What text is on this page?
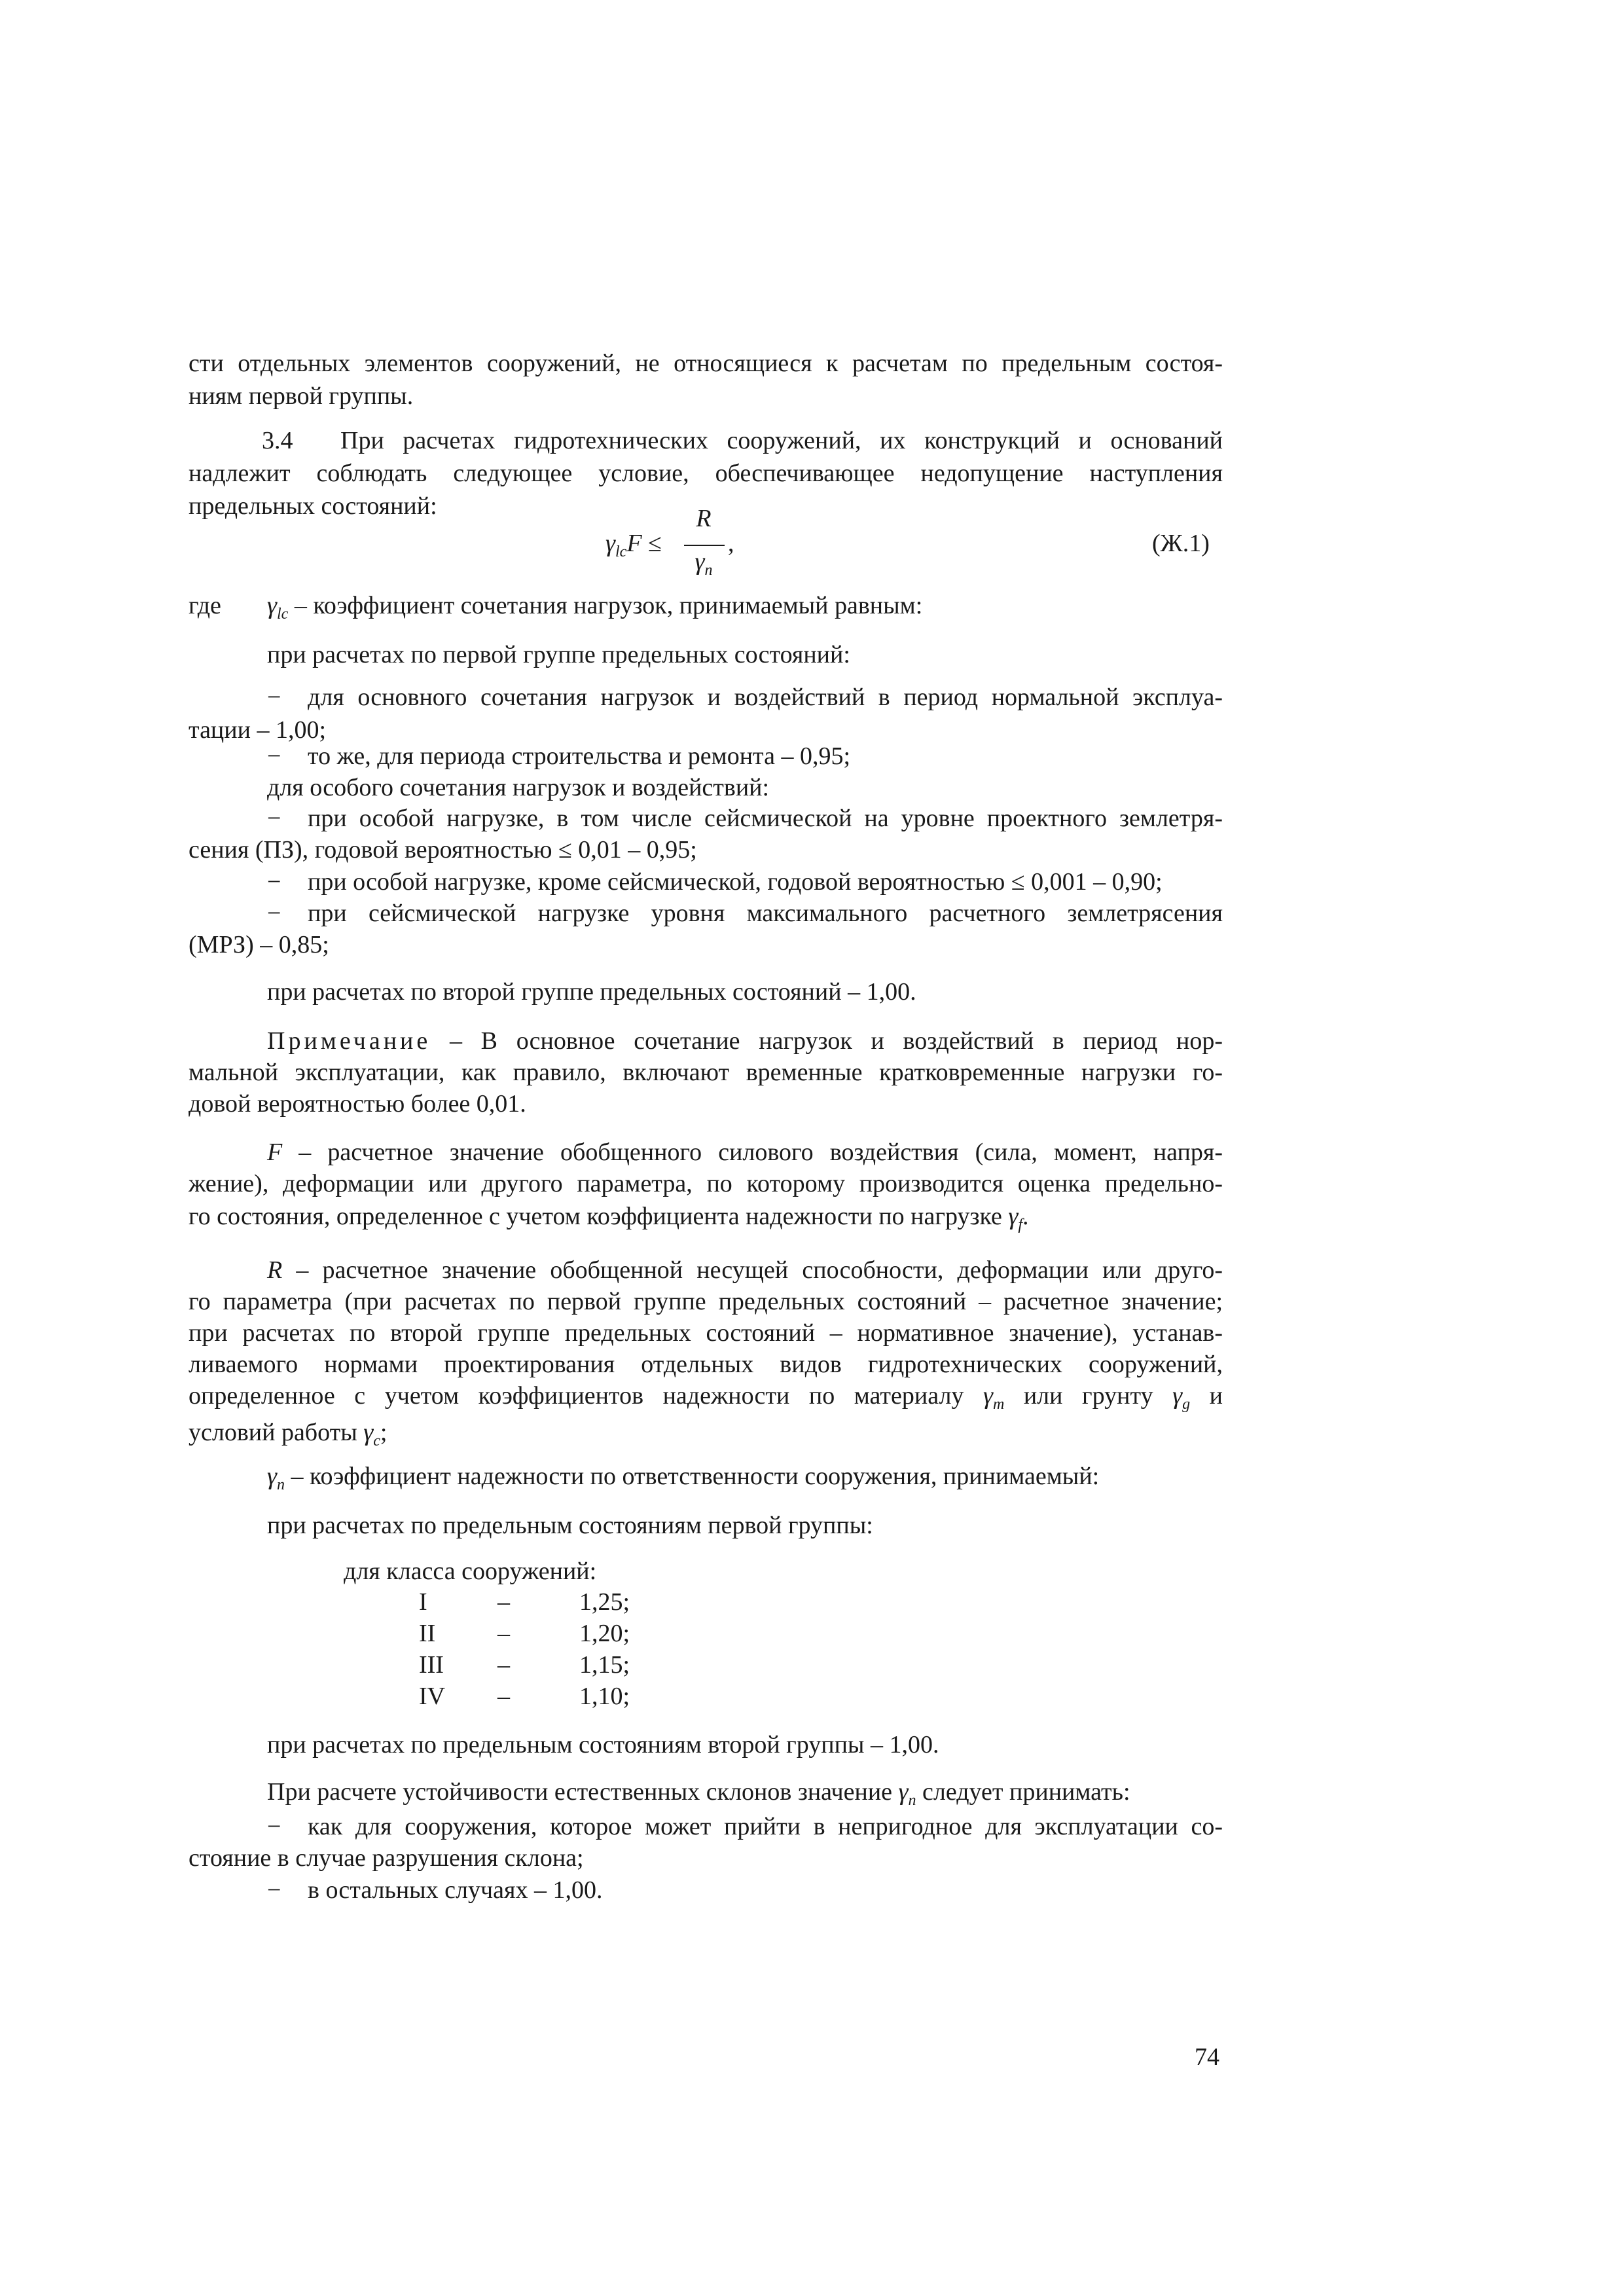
сти отдельных элементов сооружений, не относящиеся к расчетам по предельным состоя-
ниям первой группы.
3.4 При расчетах гидротехнических сооружений, их конструкций и оснований
надлежит соблюдать следующее условие, обеспечивающее недопущение наступления
предельных состояний:
$\gamma_{lc}F$ ≤
R
$\gamma_n$
,	(Ж.1)
где $\gamma_{lc}$ – коэффициент сочетания нагрузок, принимаемый равным:
при расчетах по первой группе предельных состояний:
− для основного сочетания нагрузок и воздействий в период нормальной эксплуа-
тации – 1,00;
− то же, для периода строительства и ремонта – 0,95;
для особого сочетания нагрузок и воздействий:
− при особой нагрузке, в том числе сейсмической на уровне проектного землетря-
сения (ПЗ), годовой вероятностью ≤ 0,01 – 0,95;
− при особой нагрузке, кроме сейсмической, годовой вероятностью ≤ 0,001 – 0,90;
− при сейсмической нагрузке уровня максимального расчетного землетрясения
(МРЗ) – 0,85;
при расчетах по второй группе предельных состояний – 1,00.
Примечание – В основное сочетание нагрузок и воздействий в период нор-
мальной эксплуатации, как правило, включают временные кратковременные нагрузки го-
довой вероятностью более 0,01.
F – расчетное значение обобщенного силового воздействия (сила, момент, напря-
жение), деформации или другого параметра, по которому производится оценка предельно-
го состояния, определенное с учетом коэффициента надежности по нагрузке $\gamma_f$.
R – расчетное значение обобщенной несущей способности, деформации или друго-
го параметра (при расчетах по первой группе предельных состояний – расчетное значение;
при расчетах по второй группе предельных состояний – нормативное значение), устанав-
ливаемого нормами проектирования отдельных видов гидротехнических сооружений,
определенное с учетом коэффициентов надежности по материалу $\gamma_m$ или грунту $\gamma_g$ и
условий работы $\gamma_c$;
$\gamma_n$ – коэффициент надежности по ответственности сооружения, принимаемый:
при расчетах по предельным состояниям первой группы:
для класса сооружений:
I	–	1,25;
II –	1,20;
III –	1,15;
IV –	1,10;
при расчетах по предельным состояниям второй группы – 1,00.
При расчете устойчивости естественных склонов значение $\gamma_n$ следует принимать:
− как для сооружения, которое может прийти в непригодное для эксплуатации со-
стояние в случае разрушения склона;
− в остальных случаях – 1,00.
74
